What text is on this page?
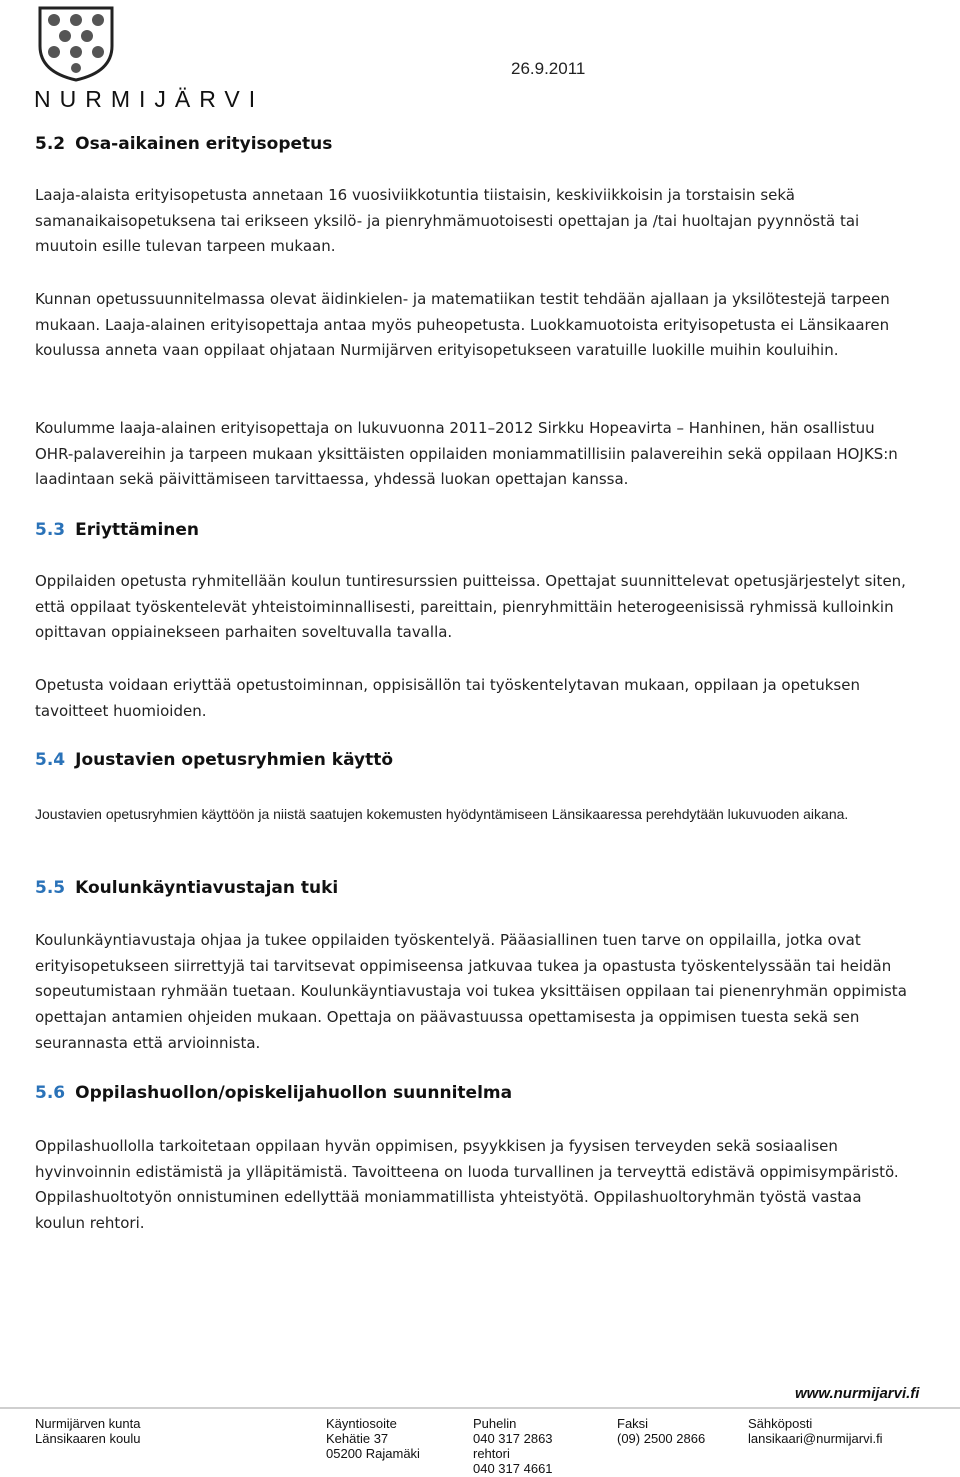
NURMIJÄRVI
26.9.2011
5.2 Osa-aikainen erityisopetus

Laaja-alaista erityisopetusta annetaan 16 vuosiviikkotuntia tiistaisin, keskiviikkoisin ja torstaisin sekä samanaikaisopetuksena tai erikseen yksilö- ja pienryhmämuotoisesti opettajan ja /tai huoltajan pyynnöstä tai muutoin esille tulevan tarpeen mukaan.

Kunnan opetussuunnitelmassa olevat äidinkielen- ja matematiikan testit tehdään ajallaan ja yksilötestejä tarpeen mukaan. Laaja-alainen erityisopettaja antaa myös puheopetusta. Luokkamuotoista erityisopetusta ei Länsikaaren koulussa anneta vaan oppilaat ohjataan Nurmijärven erityisopetukseen varatuille luokille muihin kouluihin.

Koulumme laaja-alainen erityisopettaja on lukuvuonna 2011–2012 Sirkku Hopeavirta – Hanhinen, hän osallistuu OHR-palavereihin ja tarpeen mukaan yksittäisten oppilaiden moniammatillisiin palavereihin sekä oppilaan HOJKS:n laadintaan sekä päivittämiseen tarvittaessa, yhdessä luokan opettajan kanssa.

5.3 Eriyttäminen

Oppilaiden opetusta ryhmitellään koulun tuntiresurssien puitteissa. Opettajat suunnittelevat opetusjärjestelyt siten, että oppilaat työskentelevät yhteistoiminnallisesti, pareittain, pienryhmittäin heterogeenisissä ryhmissä kulloinkin opittavan oppiainekseen parhaiten soveltuvalla tavalla.

Opetusta voidaan eriyttää opetustoiminnan, oppisisällön tai työskentelytavan mukaan, oppilaan ja opetuksen tavoitteet huomioiden.

5.4 Joustavien opetusryhmien käyttö

Joustavien opetusryhmien käyttöön ja niistä saatujen kokemusten hyödyntämiseen Länsikaaressa perehdytään lukuvuoden aikana.

5.5 Koulunkäyntiavustajan tuki

Koulunkäyntiavustaja ohjaa ja tukee oppilaiden työskentelyä. Pääasiallinen tuen tarve on oppilailla, jotka ovat erityisopetukseen siirrettyjä tai tarvitsevat oppimiseensa jatkuvaa tukea ja opastusta työskentelyssään tai heidän sopeutumistaan ryhmään tuetaan. Koulunkäyntiavustaja voi tukea yksittäisen oppilaan tai pienenryhmän oppimista opettajan antamien ohjeiden mukaan. Opettaja on päävastuussa opettamisesta ja oppimisen tuesta sekä sen seurannasta että arvioinnista.

5.6 Oppilashuollon/opiskelijahuollon suunnitelma

Oppilashuollolla tarkoitetaan oppilaan hyvän oppimisen, psyykkisen ja fyysisen terveyden sekä sosiaalisen hyvinvoinnin edistämistä ja ylläpitämistä. Tavoitteena on luoda turvallinen ja terveyttä edistävä oppimisympäristö. Oppilashuoltotyön onnistuminen edellyttää moniammatillista yhteistyötä. Oppilashuoltoryhmän työstä vastaa koulun rehtori.

www.nurmijarvi.fi
Nurmijärven kunta
Länsikaaren koulu
Käyntiosoite
Kehätie 37
05200 Rajamäki
Puhelin
040 317 2863
rehtori
040 317 4661
Faksi
(09) 2500 2866
Sähköposti
lansikaari@nurmijarvi.fi
